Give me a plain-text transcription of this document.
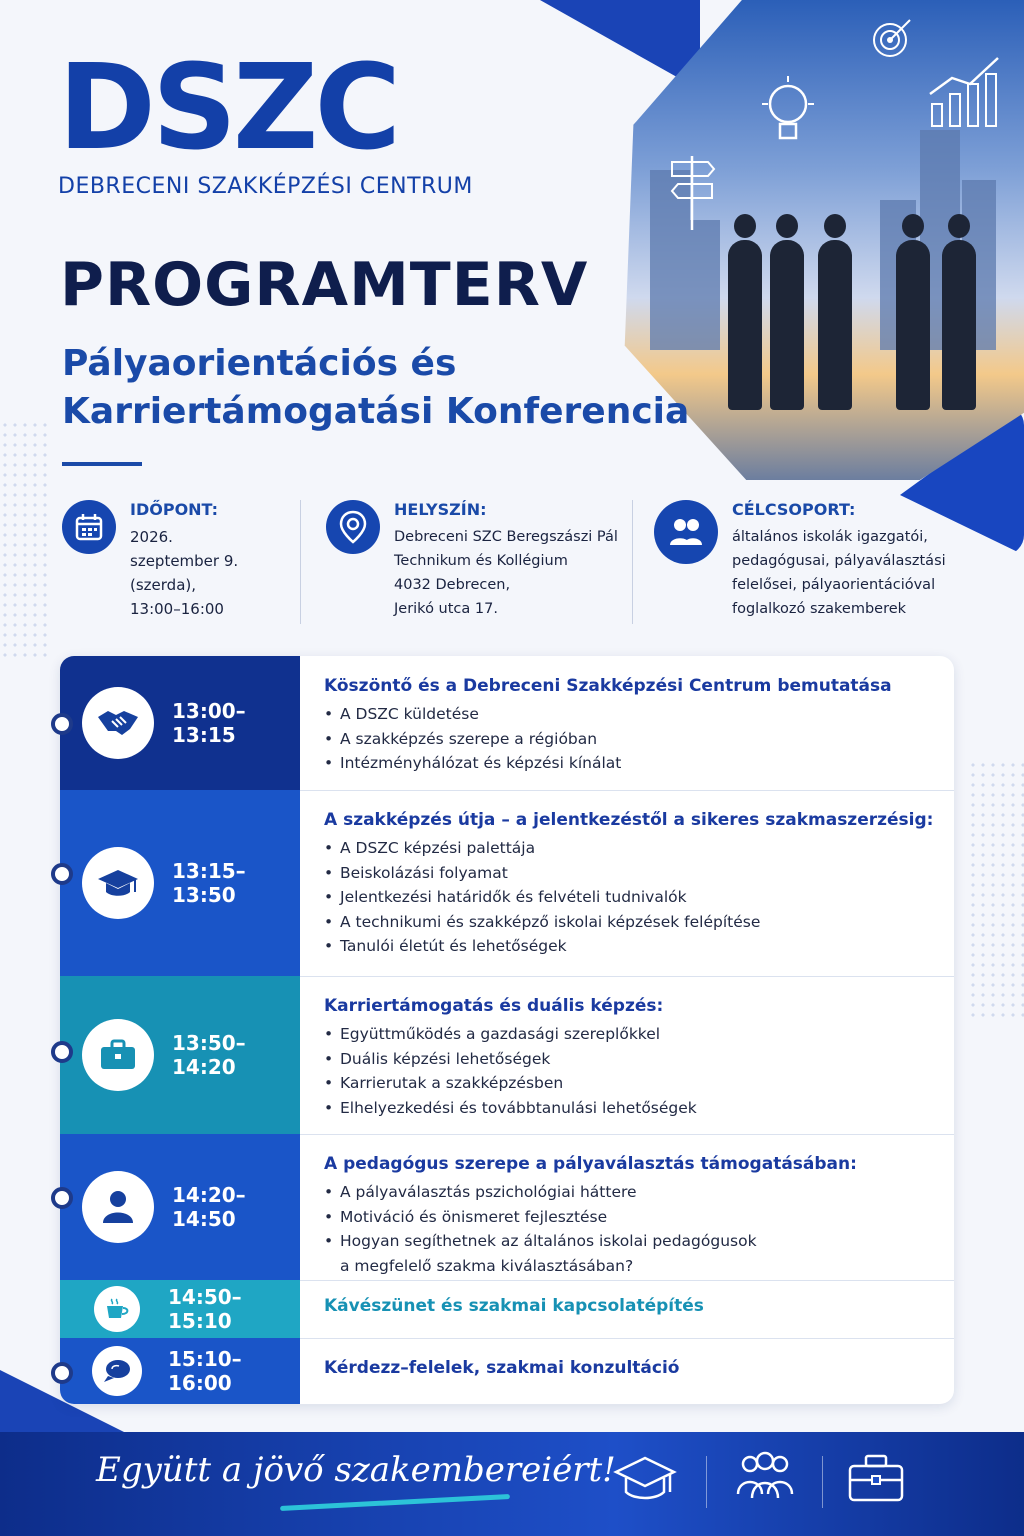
DSZC
DEBRECENI SZAKKÉPZÉSI CENTRUM
PROGRAMTERV
Pályaorientációs és Karriertámogatási Konferencia
IDŐPONT:
2026.
szeptember 9.
(szerda),
13:00–16:00
HELYSZÍN:
Debreceni SZC Beregszászi Pál
Technikum és Kollégium
4032 Debrecen,
Jerikó utca 17.
CÉLCSOPORT:
általános iskolák igazgatói,
pedagógusai, pályaválasztási
felelősei, pályaorientációval
foglalkozó szakemberek
13:00–13:15
Köszöntő és a Debreceni Szakképzési Centrum bemutatása
• A DSZC küldetése
• A szakképzés szerepe a régióban
• Intézményhálózat és képzési kínálat
13:15–13:50
A szakképzés útja – a jelentkezéstől a sikeres szakmaszerzésig:
• A DSZC képzési palettája
• Beiskolázási folyamat
• Jelentkezési határidők és felvételi tudnivalók
• A technikumi és szakképző iskolai képzések felépítése
• Tanulói életút és lehetőségek
13:50–14:20
Karriertámogatás és duális képzés:
• Együttműködés a gazdasági szereplőkkel
• Duális képzési lehetőségek
• Karrierutak a szakképzésben
• Elhelyezkedési és továbbtanulási lehetőségek
14:20–14:50
A pedagógus szerepe a pályaválasztás támogatásában:
• A pályaválasztás pszichológiai háttere
• Motiváció és önismeret fejlesztése
• Hogyan segíthetnek az általános iskolai pedagógusok
a megfelelő szakma kiválasztásában?
14:50–15:10
Kávészünet és szakmai kapcsolatépítés
15:10–16:00
Kérdezz–felelek, szakmai konzultáció
Együtt a jövő szakembereiért!
